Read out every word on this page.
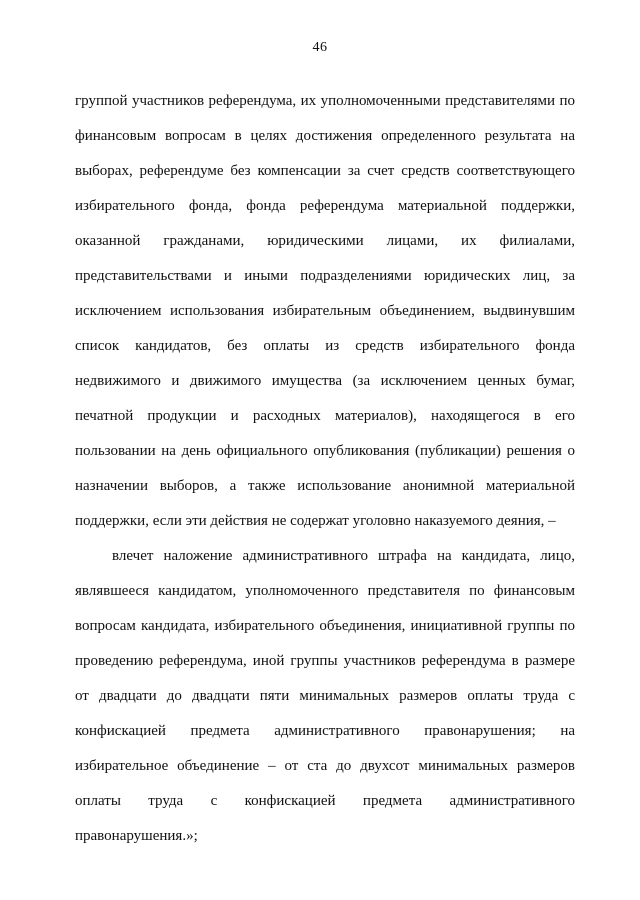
46
группой участников референдума, их уполномоченными представителями по
финансовым вопросам в целях достижения определенного результата на
выборах, референдуме без компенсации за счет средств соответствующего
избирательного фонда, фонда референдума материальной поддержки,
оказанной гражданами, юридическими лицами, их филиалами,
представительствами и иными подразделениями юридических лиц, за
исключением использования избирательным объединением, выдвинувшим
список кандидатов, без оплаты из средств избирательного фонда
недвижимого и движимого имущества (за исключением ценных бумаг,
печатной продукции и расходных материалов), находящегося в его
пользовании на день официального опубликования (публикации) решения о
назначении выборов, а также использование анонимной материальной
поддержки, если эти действия не содержат уголовно наказуемого деяния, –
влечет наложение административного штрафа на кандидата, лицо,
являвшееся кандидатом, уполномоченного представителя по финансовым
вопросам кандидата, избирательного объединения, инициативной группы по
проведению референдума, иной группы участников референдума в размере
от двадцати до двадцати пяти минимальных размеров оплаты труда с
конфискацией предмета административного правонарушения; на
избирательное объединение – от ста до двухсот минимальных размеров
оплаты труда с конфискацией предмета административного
правонарушения.»;
